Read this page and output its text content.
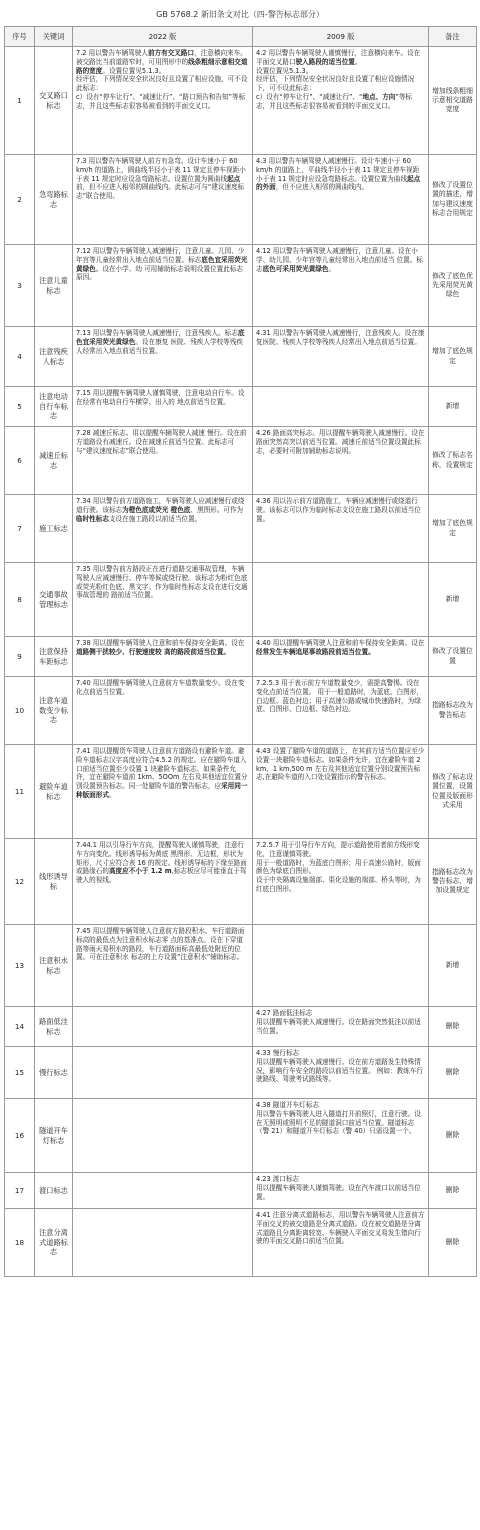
GB 5768.2 新旧条文对比（四-警告标志部分）
序号	关键词	2022 版	2009 版	备注
1	交叉路口标志	7.2 用以警告车辆驾驶人前方有交叉路口，注意横向来车。被交路比当前道路窄时，可用图形中的线条粗细示意相交道路的宽度。设置位置见5.1.3。
经评估，下列情况安全状况良好且设置了相应设施，可不设此标志：
c）设有“停车让行”、“减速让行”、“路口预告和告知”等标志，并且这些标志很容易被看到的平面交叉口。	4.2 用以警告车辆驾驶人谨慎慢行，注意横向来车。设在平面交叉路口驶入路段的适当位置。
设置位置见5.1.3。
经评估，下列情况安全状况良好且设置了相应设施情况下，可不设此标志：
c）设有“停车让行”、“减速让行”、“地点、方向”等标志，并且这些标志很容易被看到的平面交叉口。	增加线条粗细示意相交道路宽度
2	急弯路标志	7.3 用以警告车辆驾驶人前方有急弯。设计车速小于 60 km/h 的道路上，圆曲线半径小于表 11 规定且停车视距小于表 11 规定时应设急弯路标志。设置位置为圆曲线起点前，但不应进入相邻的圆曲线内。此标志可与“建议速度标志”联合使用。	4.3 用以警告车辆驾驶人减速慢行。设计车速小于 60 km/h 的道路上，平曲线半径小于表 11 规定且停车视距小于表 11 规定时应设急弯路标志。设置位置为曲线起点的外面，但不应进入相邻的圆曲线内。	修改了设置位置的描述，增加与建议速度标志合用规定
3	注意儿童标志	7.12 用以警告车辆驾驶人减速慢行，注意儿童。儿园、少年宫等儿童经常出入地点前适当位置。标志底色宜采用荧光黄绿色。设在小学、幼 可用辅助标志说明设置位置此标志原因。	4.12 用以警告车辆驾驶人减速慢行，注意儿童。设在小学、幼儿园、少年宫等儿童经常出入地点前适当 位置。标志底色可采用荧光黄绿色。	修改了底色优先采用荧光黄绿色
4	注意残疾人标志	7.13 用以警告车辆驾驶人减速慢行，注意残疾人。标志底色宜采用荧光黄绿色。设在康复 医院、残疾人学校等残疾人经常出入地点前适当位置。	4.31 用以警告车辆驾驶人减速慢行，注意残疾人。设在康复医院、残疾人学校等残疾人经常出入地点前适当位置。	增加了底色规定
5	注意电动自行车标志	7.15 用以提醒车辆驾驶人谨慎驾驶，注意电动自行车。设在经常有电动自行车横穿、出入的 地点前适当位置。		新增
6	减速丘标志	7.28 减速丘标志。用以提醒车辆驾驶人减速 慢行。设在前方道路设有减速丘。设在减速丘前适当位置。此标志可与“建议速度标志”联合使用。	4.26 路面高突标志。用以提醒车辆驾驶人减速慢行。设在路面突然高突以前适当位置。减速丘前适当位置设置此标志，必要时可附加辅助标志说明。	修改了标志名称，设置规定
7	施工标志	7.34 用以警告前方道路施工，车辆驾驶人应减速慢行或绕道行驶。该标志为橙色底或荧光 橙色底、黑图形。可作为临时性标志支设在施工路段以前适当位置。	4.36 用以告示前方道路施工，车辆应减速慢行或绕道行驶。该标志可以作为临时标志支设在施工路段以前适当位置。	增加了底色规定
8	交通事故管理标志	7.35 用以警告前方路段正在进行道路交通事故管理，车辆驾驶人应减速慢行、停车等候或绕行驶。该标志为粉红色底或荧光粉红色底、黑文字。作为临时性标志支设在进行交通事故管理的 路前适当位置。		新增
9	注意保持车距标志	7.38 用以提醒车辆驾驶人注意和前车保持安全距离。设在道路侧干扰较少、行驶速度较 高的路段前适当位置。	4.40 用以提醒车辆驾驶人注意和前车保持安全距离。设在经常发生车辆追尾事故路段前适当位置。	修改了设置位置
10	注意车道数变少标志	7.40 用以提醒车辆驾驶人注意前方车道数量变少。设在变化点前适当位置。	7.2.5.3 用于表示前方车道数量变少，需提高警惕。设在变化点前适当位置。 用于一般道路时，为蓝底、白图形，白边框、蓝色衬边；用于高速公路或城市快速路时，为绿底、白图形、白边框、绿色衬边。	指路标志改为警告标志
11	避险车道标志	7.41 用以提醒货车驾驶人注意前方道路设有避险车道。避险车道标志汉字高度应符合4.5.2 的规定。应在避险车道入口前适当位置至少设置 1 块避险车道标志。如果条件允许，宜在避险车道前 1km、5OOm 左右及其他适宜位置分别设置预告标志。同一处避险车道的警告标志，应采用同一种版面形式。	4.43 设置了避险车道的道路上，在其前方适当位置应至少设置一块避险车道标志。如果条件允许，宜在避险车道 2 km、1 km,500 m 左右及其他适宜位置分别设置预告标志,在避险车道的入口处设置指示的警告标志。	修改了标志设置位置，设置位置及版面形式采用
12	线形诱导标	7.44.1 用以引导行车方向，提醒驾驶人谨慎驾驶，注意行车方向变化。线形诱导标为黄底 黑图形、无边框，形状为矩形，尺寸应符合表 16 的规定。线形诱导标的下缘至路面或路缘石的高度应不小于 1.2 m,标志板应尽可能垂直于驾驶人的视线。	7.2.5.7 用于引导行车方向，提示道路使用者前方线形变化，注意谨慎驾驶。
用于一般道路时，为蓝底白图形；用于高速公路时，版面颜色为绿底白图形。
设于中央隔离设施端部、渠化设施的端部、桥头等时，为红底白图形。	指路标志改为警告标志，增加设置规定
13	注意积水标志	7.45 用以提醒车辆驾驶人注意前方路段积水。车行道路面标高的最低点为注意积水标志零 点的基准点。设在下穿道路等雨天易积水的路段，车行道路面标高最低处附近的位置。可在注意积水 标志的上方设置“注意积水”辅助标志。		新增
14	路面低洼标志		4.27 路面低洼标志
用以提醒车辆驾驶人减速慢行。设在路面突然低洼以前适当位置。	删除
15	慢行标志		4.33 慢行标志
用以提醒车辆驾驶人减速慢行。设在前方道路发生特殊情况，影响行车安全的路段以前适当位置。 例如：教练车行驶路线、驾驶考试路线等。	删除
16	隧道开车灯标志		4.38 隧道开车灯标志
用以警告车辆驾驶人进入隧道打开前照灯，注意行驶。设在无照明或照明不足的隧道洞口前适当位置。隧道标志（警 21）和隧道开车灯标志（警 40）只需设置一个。	删除
17	渡口标志		4.23 渡口标志
用以提醒车辆驾驶人谨慎驾驶。设在汽车渡口以前适当位置。	删除
18	注意分离式道路标志		4.41 注意分离式道路标志，用以警告车辆驾驶人注意前方平面交叉的被交道路是分离式道路。设在被交道路是分离式道路且分离距离较宽、车辆驶入平面交叉易发生错向行驶的平面交叉路口前适当位置。	删除
